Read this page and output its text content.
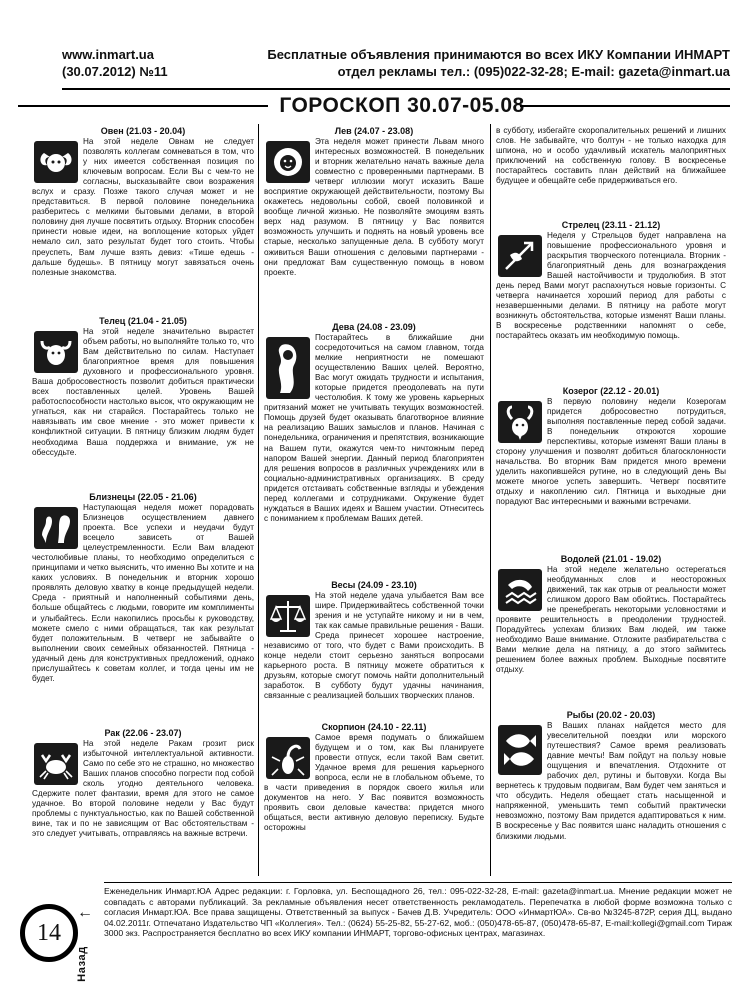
www.inmart.ua
(30.07.2012) №11
Бесплатные объявления принимаются во всех ИКУ Компании ИНМАРТ
отдел рекламы тел.: (095)022-32-28; E-mail: gazeta@inmart.ua
ГОРОСКОП 30.07-05.08
Овен (21.03 - 20.04)
На этой неделе Овнам не следует позволять коллегам сомневаться в том, что у них имеется собственная позиция по ключевым вопросам. Если Вы с чем-то не согласны, высказывайте свои возражения вслух и сразу. Позже такого случая может и не представиться. В первой половине понедельника разберитесь с мелкими бытовыми делами, в второй половину дня лучше посвятить отдыху. Вторник способен принести новые идеи, на воплощение которых уйдет немало сил, зато результат будет того стоить. Чтобы преуспеть, Вам лучше взять девиз: «Тише едешь - дальше будешь». В пятницу могут завязаться очень полезные знакомства.
Телец (21.04 - 21.05)
На этой неделе значительно вырастет объем работы, но выполняйте только то, что Вам действительно по силам. Наступает благоприятное время для повышения духовного и профессионального уровня. Ваша добросовестность позволит добиться практически всех поставленных целей. Уровень Вашей работоспособности настолько высок, что окружающим не угнаться, как ни старайся. Постарайтесь только не навязывать им свое мнение - это может привести к конфликтной ситуации. В пятницу близким людям будет необходима Ваша поддержка и внимание, уж не обессудьте.
Близнецы (22.05 - 21.06)
Наступающая неделя может порадовать Близнецов осуществлением давнего проекта. Все успехи и неудачи будут всецело зависеть от Вашей целеустремленности. Если Вам владеют честолюбивые планы, то необходимо определиться с принципами и четко выяснить, что именно Вы хотите и на каких условиях. В понедельник и вторник хорошо проявлять деловую хватку в конце предыдущей недели. Среда - приятный и наполненный событиями день, больше общайтесь с людьми, говорите им комплименты и улыбайтесь. Если накопились просьбы к руководству, можете смело с ними обращаться, так как результат будет положительным. В четверг не забывайте о выполнении своих семейных обязанностей. Пятница - удачный день для конструктивных предложений, однако прислушайтесь к советам коллег, и тогда цены им не будет.
Рак (22.06 - 23.07)
На этой неделе Ракам грозит риск избыточной интеллектуальной активности. Само по себе это не страшно, но множество Ваших планов способно погрести под собой сколь угодно деятельного человека. Сдержите полет фантазии, время для этого не самое удачное. Во второй половине недели у Вас будут проблемы с пунктуальностью, как по Вашей собственной вине, так и по не зависящим от Вас обстоятельствам - это следует учитывать, отправляясь на важные встречи.
Лев (24.07 - 23.08)
Эта неделя может принести Львам много интересных возможностей. В понедельник и вторник желательно начать важные дела совместно с проверенными партнерами. В четверг иллюзии могут исказить Ваше восприятие окружающей действительности, поэтому Вы окажетесь недовольны собой, своей половинкой и вообще личной жизнью. Не позволяйте эмоциям взять верх над разумом. В пятницу у Вас появится возможность улучшить и поднять на новый уровень все старые, несколько запущенные дела. В субботу могут оживиться Ваши отношения с деловыми партнерами - они предложат Вам существенную помощь в новом проекте.
Дева (24.08 - 23.09)
Постарайтесь в ближайшие дни сосредоточиться на самом главном, тогда мелкие неприятности не помешают осуществлению Ваших целей. Вероятно, Вас могут ожидать трудности и испытания, которые придется преодолевать на пути честолюбия. К тому же уровень карьерных притязаний может не учитывать текущих возможностей. Помощь друзей будет оказывать благотворное влияние на реализацию Ваших замыслов и планов. Начиная с понедельника, ограничения и препятствия, возникающие на Вашем пути, окажутся чем-то ничтожным перед напором Вашей энергии. Данный период благоприятен для решения вопросов в различных учреждениях или в социально-административных организациях. В среду придется отстаивать собственные взгляды и убеждения перед коллегами и сотрудниками. Окружение будет нуждаться в Ваших идеях и Вашем участии. Отнеситесь с пониманием к проблемам Ваших детей.
Весы (24.09 - 23.10)
На этой неделе удача улыбается Вам все шире. Придерживайтесь собственной точки зрения и не уступайте никому и ни в чем, так как самые правильные решения - Ваши. Среда принесет хорошее настроение, независимо от того, что будет с Вами происходить. В конце недели стоит серьезно заняться вопросами карьерного роста. В пятницу можете обратиться к друзьям, которые смогут помочь найти дополнительный заработок. В субботу будут удачны начинания, связанные с реализацией больших творческих планов.
Скорпион (24.10 - 22.11)
Самое время подумать о ближайшем будущем и о том, как Вы планируете провести отпуск, если такой Вам светит. Удачное время для решения карьерного вопроса, если не в глобальном объеме, то в части приведения в порядок своего жилья или документов на него. У Вас появится возможность проявить свои деловые качества: придется много общаться, вести активную деловую переписку. Будьте осторожны
в субботу, избегайте скоропалительных решений и лишних слов. Не забывайте, что болтун - не только находка для шпиона, но и особо удачливый искатель малоприятных приключений на собственную голову. В воскресенье постарайтесь составить план действий на ближайшее будущее и обещайте себе придерживаться его.
Стрелец (23.11 - 21.12)
Неделя у Стрельцов будет направлена на повышение профессионального уровня и раскрытия творческого потенциала. Вторник - благоприятный день для вознаграждения Вашей настойчивости и трудолюбия. В этот день перед Вами могут распахнуться новые горизонты. С четверга начинается хороший период для работы с незавершенными делами. В пятницу на работе могут возникнуть обстоятельства, которые изменят Ваши планы. В воскресенье родственники напомнят о себе, постарайтесь оказать им необходимую помощь.
Козерог (22.12 - 20.01)
В первую половину недели Козерогам придется добросовестно потрудиться, выполняя поставленные перед собой задачи. В понедельник откроются хорошие перспективы, которые изменят Ваши планы в сторону улучшения и позволят добиться благосклонности начальства. Во вторник Вам придется много времени уделить накопившейся рутине, но в следующий день Вы можете многое успеть завершить. Четверг посвятите отдыху и накоплению сил. Пятница и выходные дни порадуют Вас интересными и важными встречами.
Водолей (21.01 - 19.02)
На этой неделе желательно остерегаться необдуманных слов и неосторожных движений, так как отрыв от реальности может слишком дорого Вам обойтись. Постарайтесь не пренебрегать некоторыми условностями и проявите решительность в преодолении трудностей. Порадуйтесь успехам близких Вам людей, им также необходимо Ваше внимание. Отложите разбирательства с Вами мелкие дела на пятницу, а до этого займитесь решением более важных проблем. Выходные посвятите отдыху.
Рыбы (20.02 - 20.03)
В Ваших планах найдется место для увеселительной поездки или морского путешествия? Самое время реализовать давние мечты! Вам пойдут на пользу новые ощущения и впечатления. Отдохните от рабочих дел, рутины и бытовухи. Когда Вы вернетесь к трудовым подвигам, Вам будет чем заняться и что обсудить. Неделя обещает стать насыщенной и напряженной, уменьшить темп событий практически невозможно, поэтому Вам придется адаптироваться к ним. В воскресенье у Вас появится шанс наладить отношения с близкими людьми.
14
←
Назад
Еженедельник Инмарт.ЮА Адрес редакции: г. Горловка, ул. Беспощадного 26, тел.: 095-022-32-28, E-mail: gazeta@inmart.ua. Мнение редакции может не совпадать с авторами публикаций. За рекламные объявления несет ответственность рекламодатель. Перепечатка в любой форме возможна только с согласия Инмарт.ЮА. Все права защищены. Ответственный за выпуск - Бачев Д.В. Учредитель: ООО «ИнмартЮА». Св-во №3245-872Р, серия ДЦ, выдано 04.02.2011г. Отпечатано Издательство ЧП «Коллегия». Тел.: (0624) 55-25-82, 55-27-62, моб.: (050)478-65-87, (050)478-65-87, E-mail:kollegi@gmail.com Тираж 3000 экз. Распространяется бесплатно во всех ИКУ компании ИНМАРТ, торгово-офисных центрах, магазинах.
